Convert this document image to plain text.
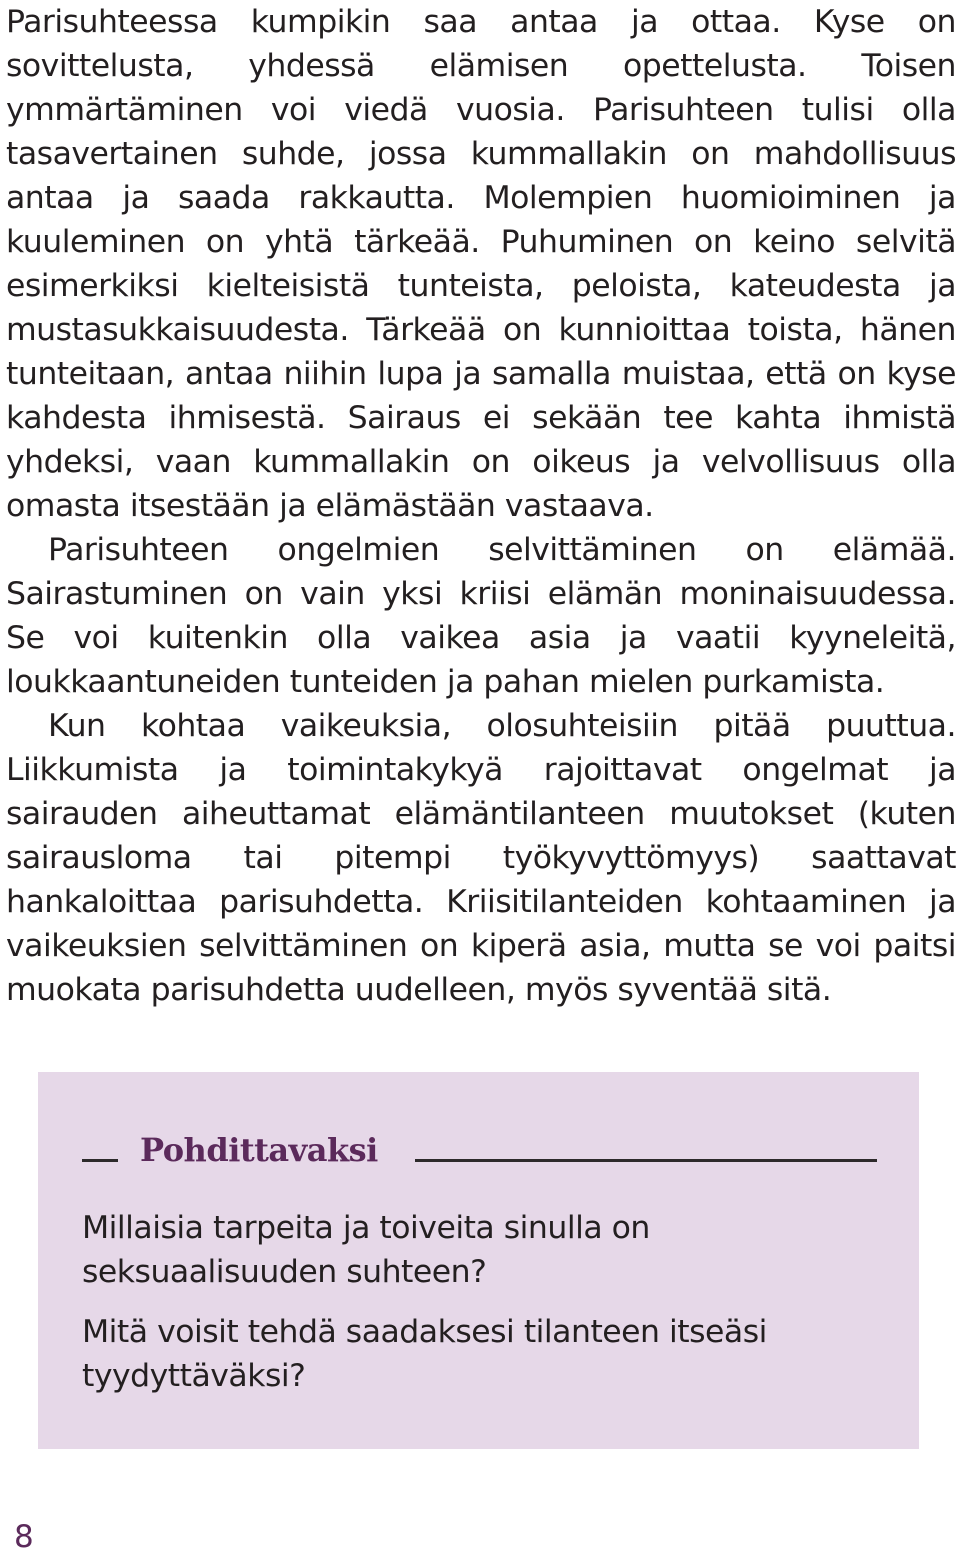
Parisuhteessa kumpikin saa antaa ja ottaa. Kyse on sovittelusta, yhdessä elämisen opettelusta. Toisen ymmärtäminen voi viedä vuosia. Parisuhteen tulisi olla tasavertainen suhde, jossa kummallakin on mahdollisuus antaa ja saada rakkautta. Molempien huomioiminen ja kuuleminen on yhtä tärkeää. Puhuminen on keino selvitä esimerkiksi kielteisistä tunteista, peloista, kateudesta ja mustasukkaisuudesta. Tärkeää on kunnioittaa toista, hänen tunteitaan, antaa niihin lupa ja samalla muistaa, että on kyse kahdesta ihmisestä. Sairaus ei sekään tee kahta ihmistä yhdeksi, vaan kummallakin on oikeus ja velvollisuus olla omasta itsestään ja elämästään vastaava.

Parisuhteen ongelmien selvittäminen on elämää. Sairastuminen on vain yksi kriisi elämän moninaisuudessa. Se voi kuitenkin olla vaikea asia ja vaatii kyyneleitä, loukkaantuneiden tunteiden ja pahan mielen purkamista.

Kun kohtaa vaikeuksia, olosuhteisiin pitää puuttua. Liikkumista ja toimintakykyä rajoittavat ongelmat ja sairauden aiheuttamat elämäntilanteen muutokset (kuten sairausloma tai pitempi työkyvyttömyys) saattavat hankaloittaa parisuhdetta. Kriisitilanteiden kohtaaminen ja vaikeuksien selvittäminen on kiperä asia, mutta se voi paitsi muokata parisuhdetta uudelleen, myös syventää sitä.

Pohdittavaksi

Millaisia tarpeita ja toiveita sinulla on seksuaalisuuden suhteen?

Mitä voisit tehdä saadaksesi tilanteen itseäsi tyydyttäväksi?

8
